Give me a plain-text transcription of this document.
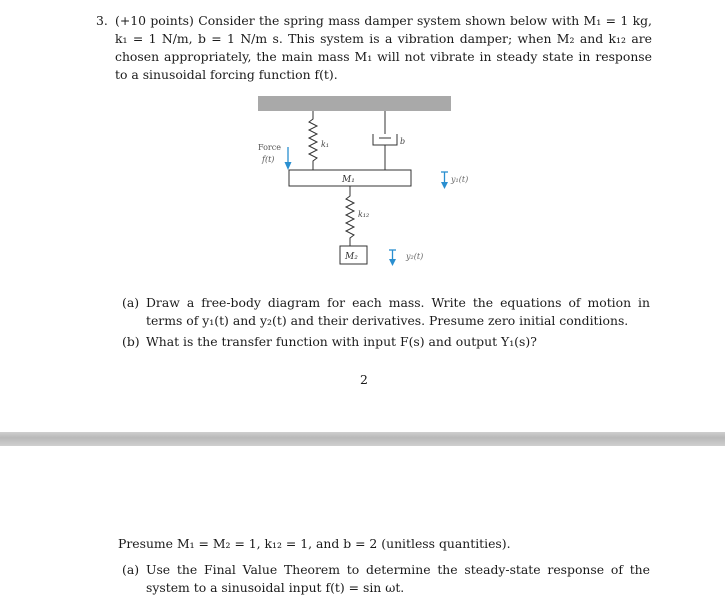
3. (+10 points) Consider the spring mass damper system shown below with M₁ = 1 kg, k₁ = 1 N/m, b = 1 N/m s. This system is a vibration damper; when M₂ and k₁₂ are chosen appropriately, the main mass M₁ will not vibrate in steady state in response to a sinusoidal forcing function f(t).
Force
f(t)
k₁	b
M₁	y₁(t)
k₁₂
M₂	y₂(t)
(a) Draw a free-body diagram for each mass. Write the equations of motion in terms of y₁(t) and y₂(t) and their derivatives. Presume zero initial conditions.
(b) What is the transfer function with input F(s) and output Y₁(s)?
2
Presume M₁ = M₂ = 1, k₁₂ = 1, and b = 2 (unitless quantities).
(a) Use the Final Value Theorem to determine the steady-state response of the system to a sinusoidal input f(t) = sin ωt.
